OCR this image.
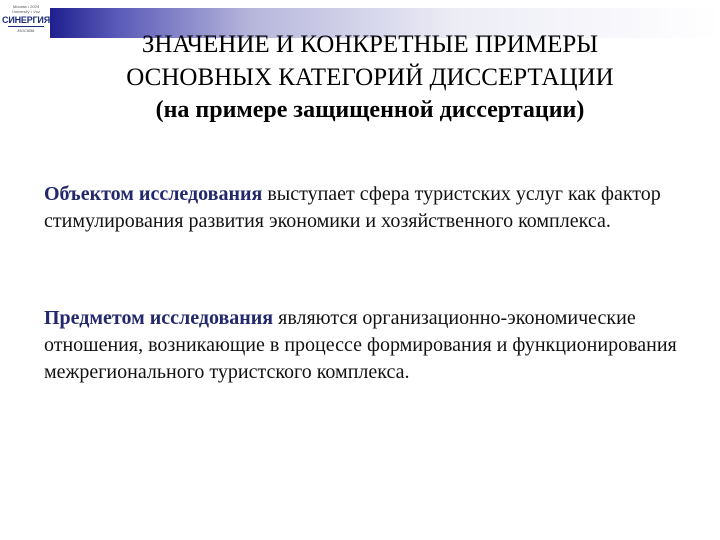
Москва • 2024
University • Vuz
СИНЕРГИЯ
МОСКВА
ЗНАЧЕНИЕ И КОНКРЕТНЫЕ ПРИМЕРЫ
ОСНОВНЫХ КАТЕГОРИЙ ДИССЕРТАЦИИ
(на примере защищенной диссертации)
Объектом исследования выступает сфера туристских услуг как фактор стимулирования развития экономики и хозяйственного комплекса.
Предметом исследования являются организационно-экономические отношения, возникающие в процессе формирования и функционирования межрегионального туристского комплекса.
